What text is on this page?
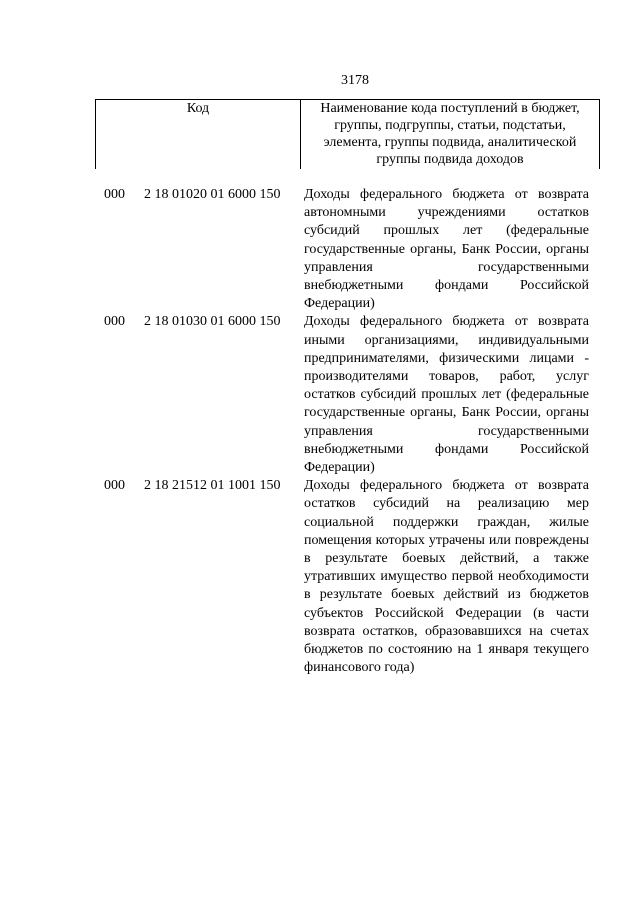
3178
Код	Наименование кода поступлений в бюджет, группы, подгруппы, статьи, подстатьи, элемента, группы подвида, аналитической группы подвида доходов
000 2 18 01020 01 6000 150 Доходы федерального бюджета от возврата автономными учреждениями остатков субсидий прошлых лет (федеральные государственные органы, Банк России, органы управления государственными внебюджетными фондами Российской Федерации)
000 2 18 01030 01 6000 150 Доходы федерального бюджета от возврата иными организациями, индивидуальными предпринимателями, физическими лицами - производителями товаров, работ, услуг остатков субсидий прошлых лет (федеральные государственные органы, Банк России, органы управления государственными внебюджетными фондами Российской Федерации)
000 2 18 21512 01 1001 150 Доходы федерального бюджета от возврата остатков субсидий на реализацию мер социальной поддержки граждан, жилые помещения которых утрачены или повреждены в результате боевых действий, а также утративших имущество первой необходимости в результате боевых действий из бюджетов субъектов Российской Федерации (в части возврата остатков, образовавшихся на счетах бюджетов по состоянию на 1 января текущего финансового года)
